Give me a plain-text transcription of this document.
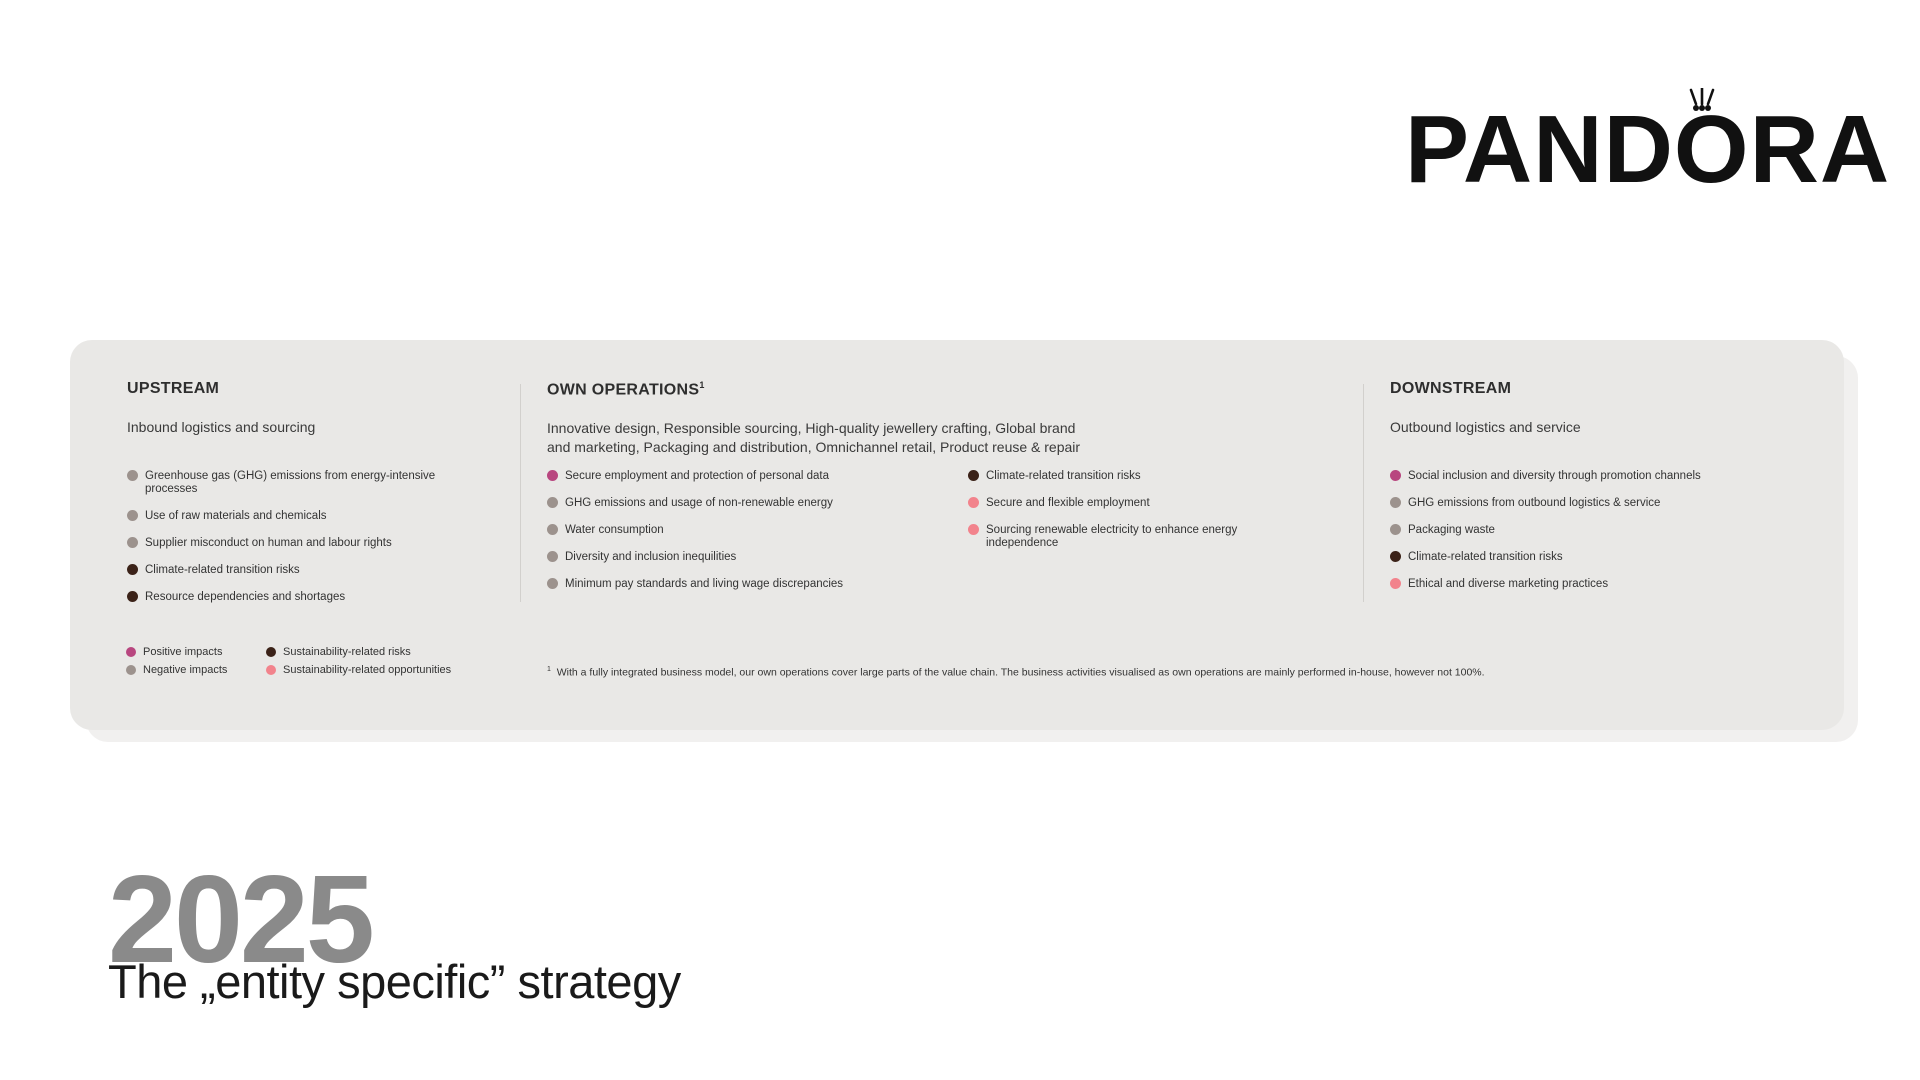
PANDORA
UPSTREAM
Inbound logistics and sourcing
Greenhouse gas (GHG) emissions from energy-intensive processes
Use of raw materials and chemicals
Supplier misconduct on human and labour rights
Climate-related transition risks
Resource dependencies and shortages
OWN OPERATIONS$^1$
Innovative design, Responsible sourcing, High-quality jewellery crafting, Global brand
and marketing, Packaging and distribution, Omnichannel retail, Product reuse & repair
Secure employment and protection of personal data
GHG emissions and usage of non-renewable energy
Water consumption
Diversity and inclusion inequilities
Minimum pay standards and living wage discrepancies
Climate-related transition risks
Secure and flexible employment
Sourcing renewable electricity to enhance energy independence
DOWNSTREAM
Outbound logistics and service
Social inclusion and diversity through promotion channels
GHG emissions from outbound logistics & service
Packaging waste
Climate-related transition risks
Ethical and diverse marketing practices
Positive impacts
Negative impacts
Sustainability-related risks
Sustainability-related opportunities	$^1$ With a fully integrated business model, our own operations cover large parts of the value chain. The business activities visualised as own operations are mainly performed in-house, however not 100%.
2025
The „entity specific” strategy
